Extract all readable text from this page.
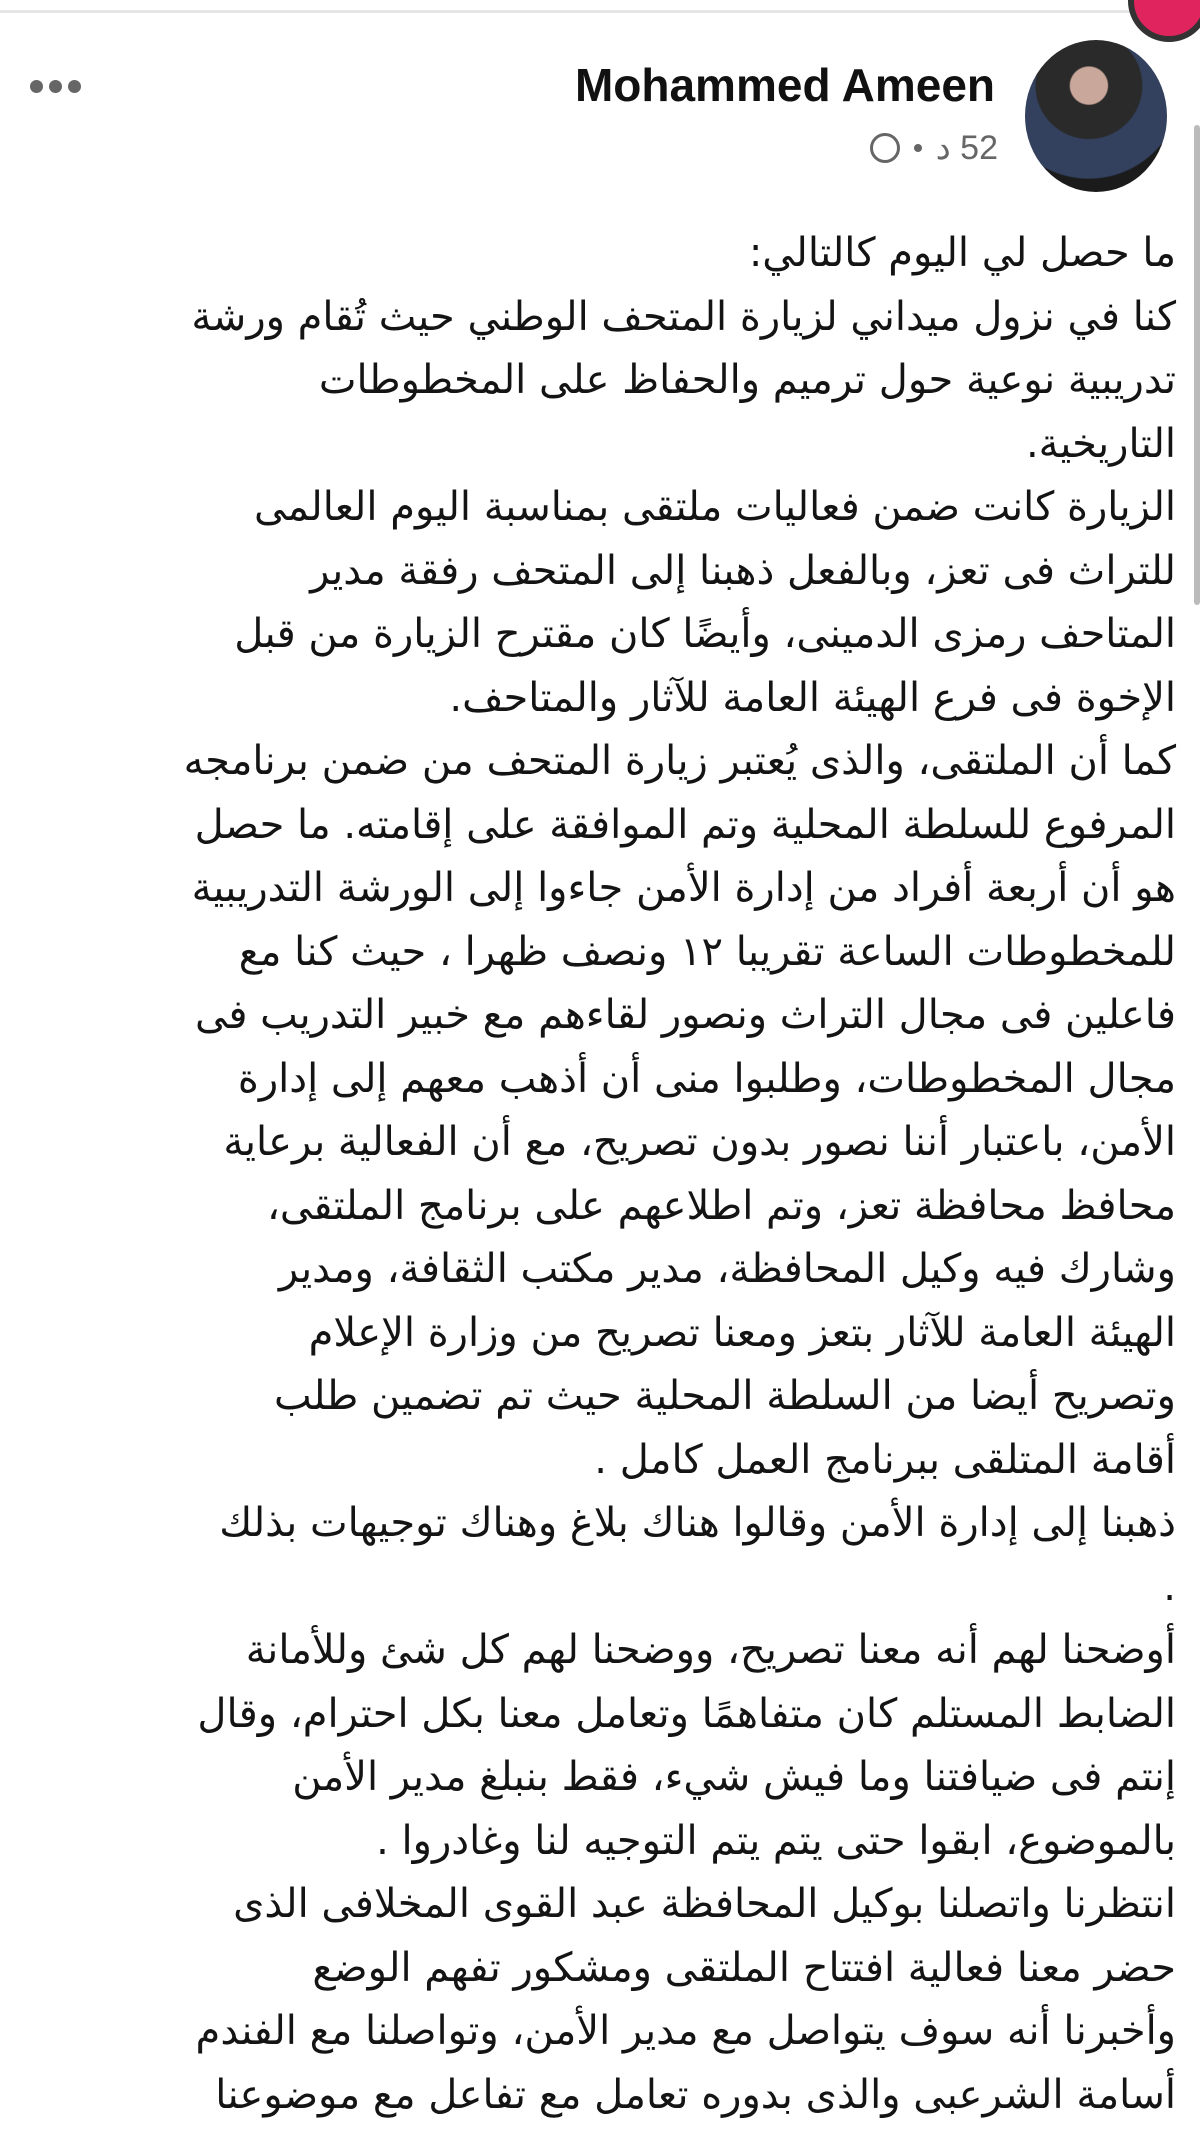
Mohammed Ameen
52 د
ما حصل لي اليوم كالتالي:
كنا في نزول ميداني لزيارة المتحف الوطني حيث تُقام ورشة
تدريبية نوعية حول ترميم والحفاظ على المخطوطات
التاريخية.
الزيارة كانت ضمن فعاليات ملتقى بمناسبة اليوم العالمى
للتراث فى تعز، وبالفعل ذهبنا إلى المتحف رفقة مدير
المتاحف رمزى الدمينى، وأيضًا كان مقترح الزيارة من قبل
الإخوة فى فرع الهيئة العامة للآثار والمتاحف.
كما أن الملتقى، والذى يُعتبر زيارة المتحف من ضمن برنامجه
المرفوع للسلطة المحلية وتم الموافقة على إقامته. ما حصل
هو أن أربعة أفراد من إدارة الأمن جاءوا إلى الورشة التدريبية
للمخطوطات الساعة تقريبا ١٢ ونصف ظهرا ، حيث كنا مع
فاعلين فى مجال التراث ونصور لقاءهم مع خبير التدريب فى
مجال المخطوطات، وطلبوا منى أن أذهب معهم إلى إدارة
الأمن، باعتبار أننا نصور بدون تصريح، مع أن الفعالية برعاية
محافظ محافظة تعز، وتم اطلاعهم على برنامج الملتقى،
وشارك فيه وكيل المحافظة، مدير مكتب الثقافة، ومدير
الهيئة العامة للآثار بتعز ومعنا تصريح من وزارة الإعلام
وتصريح أيضا من السلطة المحلية حيث تم تضمين طلب
أقامة المتلقى ببرنامج العمل كامل .
ذهبنا إلى إدارة الأمن وقالوا هناك بلاغ وهناك توجيهات بذلك
.
أوضحنا لهم أنه معنا تصريح، ووضحنا لهم كل شئ وللأمانة
الضابط المستلم كان متفاهمًا وتعامل معنا بكل احترام، وقال
إنتم فى ضيافتنا وما فيش شيء، فقط بنبلغ مدير الأمن
بالموضوع، ابقوا حتى يتم يتم التوجيه لنا وغادروا .
انتظرنا واتصلنا بوكيل المحافظة عبد القوى المخلافى الذى
حضر معنا فعالية افتتاح الملتقى ومشكور تفهم الوضع
وأخبرنا أنه سوف يتواصل مع مدير الأمن، وتواصلنا مع الفندم
أسامة الشرعبى والذى بدوره تعامل مع تفاعل مع موضوعنا
